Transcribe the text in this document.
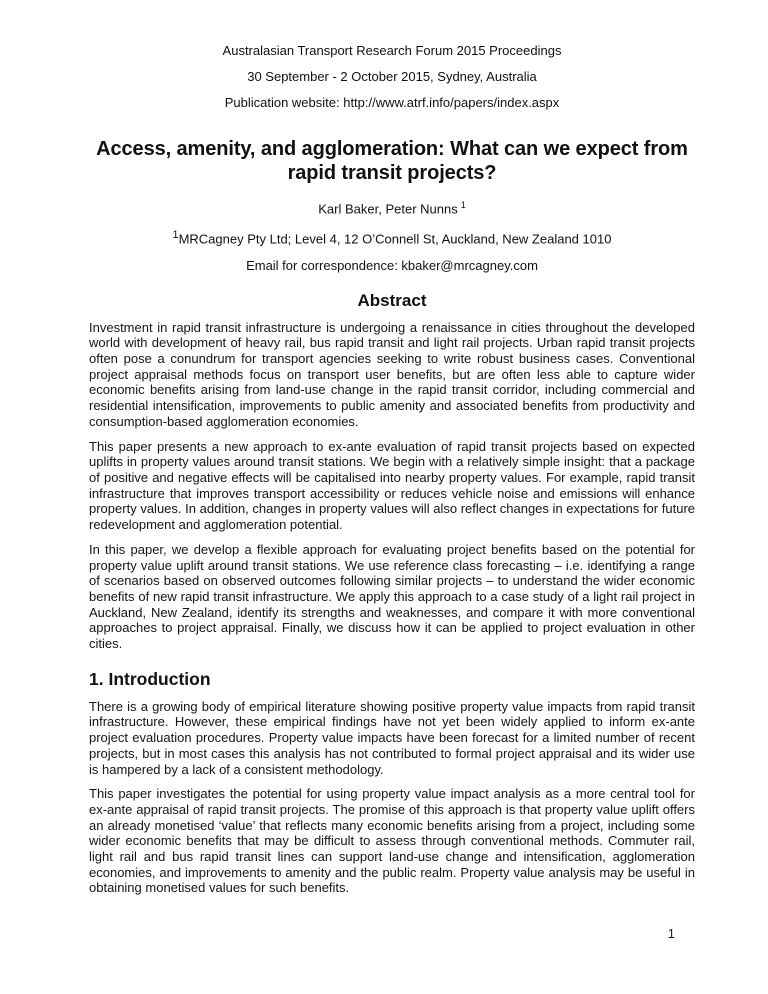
Australasian Transport Research Forum 2015 Proceedings
30 September - 2 October 2015, Sydney, Australia
Publication website: http://www.atrf.info/papers/index.aspx
Access, amenity, and agglomeration: What can we expect from rapid transit projects?
Karl Baker, Peter Nunns $^1$
$^1$MRCagney Pty Ltd; Level 4, 12 O’Connell St, Auckland, New Zealand 1010
Email for correspondence: kbaker@mrcagney.com
Abstract

Investment in rapid transit infrastructure is undergoing a renaissance in cities throughout the developed world with development of heavy rail, bus rapid transit and light rail projects. Urban rapid transit projects often pose a conundrum for transport agencies seeking to write robust business cases. Conventional project appraisal methods focus on transport user benefits, but are often less able to capture wider economic benefits arising from land-use change in the rapid transit corridor, including commercial and residential intensification, improvements to public amenity and associated benefits from productivity and consumption-based agglomeration economies.

This paper presents a new approach to ex-ante evaluation of rapid transit projects based on expected uplifts in property values around transit stations. We begin with a relatively simple insight: that a package of positive and negative effects will be capitalised into nearby property values. For example, rapid transit infrastructure that improves transport accessibility or reduces vehicle noise and emissions will enhance property values. In addition, changes in property values will also reflect changes in expectations for future redevelopment and agglomeration potential.

In this paper, we develop a flexible approach for evaluating project benefits based on the potential for property value uplift around transit stations. We use reference class forecasting – i.e. identifying a range of scenarios based on observed outcomes following similar projects – to understand the wider economic benefits of new rapid transit infrastructure. We apply this approach to a case study of a light rail project in Auckland, New Zealand, identify its strengths and weaknesses, and compare it with more conventional approaches to project appraisal. Finally, we discuss how it can be applied to project evaluation in other cities.

1. Introduction

There is a growing body of empirical literature showing positive property value impacts from rapid transit infrastructure. However, these empirical findings have not yet been widely applied to inform ex-ante project evaluation procedures. Property value impacts have been forecast for a limited number of recent projects, but in most cases this analysis has not contributed to formal project appraisal and its wider use is hampered by a lack of a consistent methodology.

This paper investigates the potential for using property value impact analysis as a more central tool for ex-ante appraisal of rapid transit projects. The promise of this approach is that property value uplift offers an already monetised ‘value’ that reflects many economic benefits arising from a project, including some wider economic benefits that may be difficult to assess through conventional methods. Commuter rail, light rail and bus rapid transit lines can support land-use change and intensification, agglomeration economies, and improvements to amenity and the public realm. Property value analysis may be useful in obtaining monetised values for such benefits.

1
